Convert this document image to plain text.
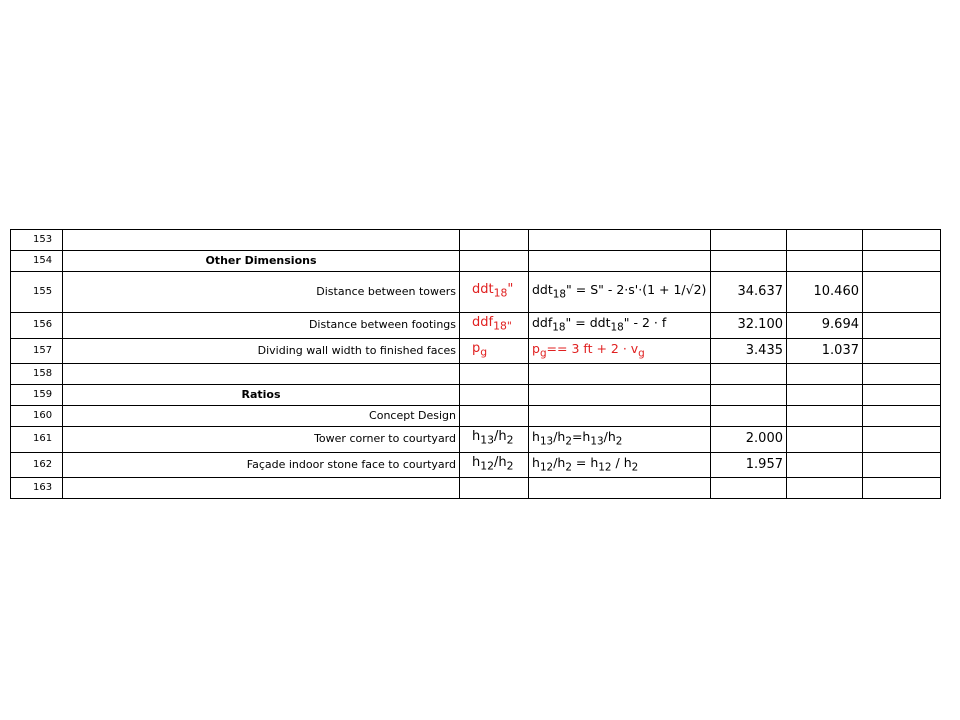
153						
154	Other Dimensions					
155	Distance between towers	ddt$_{18}$"	ddt$_{18}$" = S" - 2·s'·(1 + 1/√2)	34.637	10.460	
156	Distance between footings	ddf$_{18"}$	ddf$_{18}$" = ddt$_{18}$" - 2 · f	32.100	9.694	
157	Dividing wall width to finished faces	$p_g$	$p_g== 3$ ft + $2 \cdot v_g$	3.435	1.037	
158						
159	Ratios					
160	Concept Design					
161	Tower corner to courtyard	$h_{13}/h_2$	$h_{13}/h_2=h_{13}/h_2$	2.000		
162	Façade indoor stone face to courtyard	$h_{12}/h_2$	$h_{12}/h_2 = h_{12} / h_2$	1.957		
163						
